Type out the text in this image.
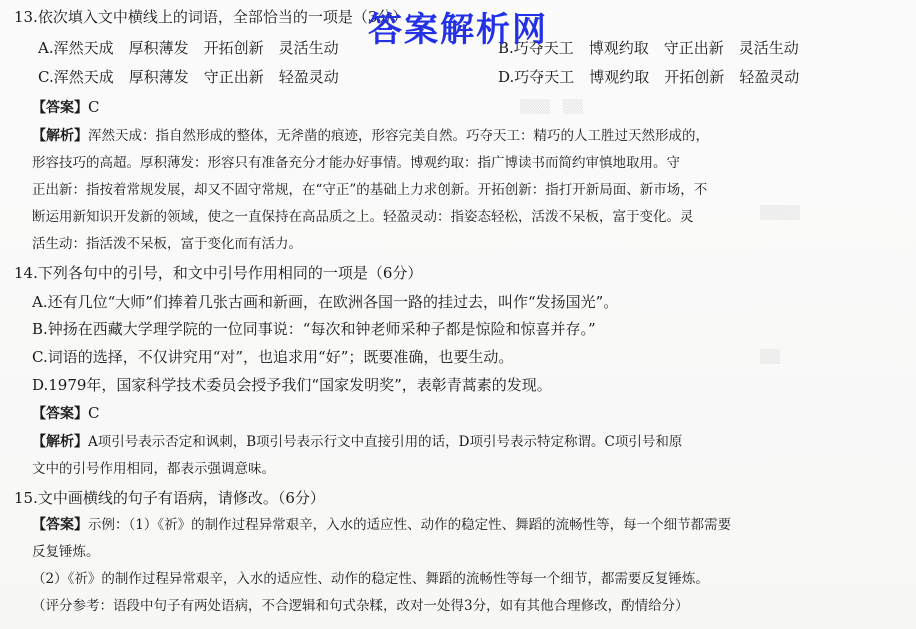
▒▒▒　▒▒
▒▒▒▒
▒▒
13.依次填入文中横线上的词语，全部恰当的一项是（3分）
A.浑然天成　厚积薄发　开拓创新　灵活生动	B.巧夺天工　博观约取　守正出新　灵活生动
C.浑然天成　厚积薄发　守正出新　轻盈灵动	D.巧夺天工　博观约取　开拓创新　轻盈灵动
【答案】C
【解析】浑然天成：指自然形成的整体，无斧凿的痕迹，形容完美自然。巧夺天工：精巧的人工胜过天然形成的，
形容技巧的高超。厚积薄发：形容只有准备充分才能办好事情。博观约取：指广博读书而简约审慎地取用。守
正出新：指按着常规发展，却又不固守常规，在“守正”的基础上力求创新。开拓创新：指打开新局面、新市场，不
断运用新知识开发新的领域，使之一直保持在高品质之上。轻盈灵动：指姿态轻松，活泼不呆板，富于变化。灵
活生动：指活泼不呆板，富于变化而有活力。
14.下列各句中的引号，和文中引号作用相同的一项是（6分）
A.还有几位“大师”们捧着几张古画和新画，在欧洲各国一路的挂过去，叫作“发扬国光”。
B.钟扬在西藏大学理学院的一位同事说：“每次和钟老师采种子都是惊险和惊喜并存。”
C.词语的选择，不仅讲究用“对”，也追求用“好”；既要准确，也要生动。
D.1979年，国家科学技术委员会授予我们“国家发明奖”，表彰青蒿素的发现。
【答案】C
【解析】A项引号表示否定和讽刺，B项引号表示行文中直接引用的话，D项引号表示特定称谓。C项引号和原
文中的引号作用相同，都表示强调意味。
15.文中画横线的句子有语病，请修改。（6分）
【答案】示例：（1）《祈》的制作过程异常艰辛，入水的适应性、动作的稳定性、舞蹈的流畅性等，每一个细节都需要
反复锤炼。
（2）《祈》的制作过程异常艰辛，入水的适应性、动作的稳定性、舞蹈的流畅性等每一个细节，都需要反复锤炼。
（评分参考：语段中句子有两处语病，不合逻辑和句式杂糅，改对一处得3分，如有其他合理修改，酌情给分）
答案解析网
